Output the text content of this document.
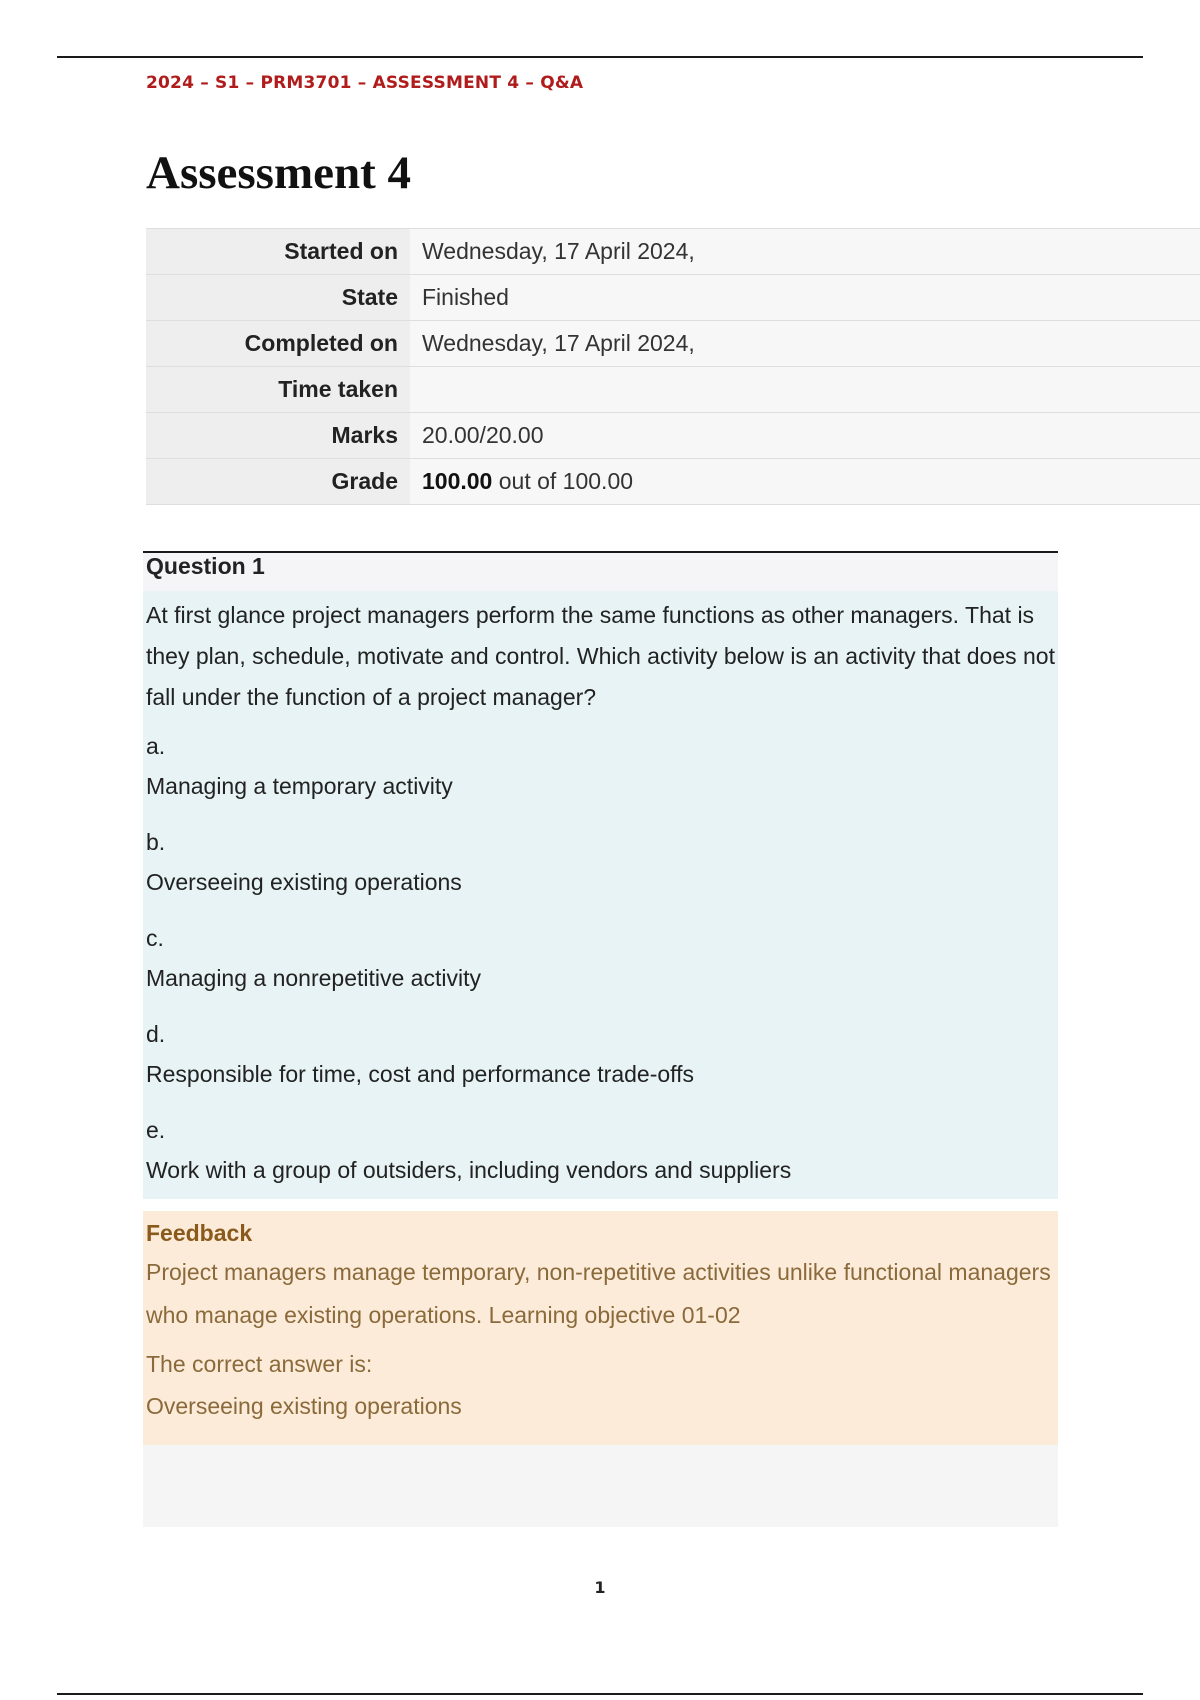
2024 – S1 – PRM3701 – ASSESSMENT 4 – Q&A
Assessment 4
Started on	Wednesday, 17 April 2024,
State	Finished
Completed on	Wednesday, 17 April 2024,
Time taken	
Marks	20.00/20.00
Grade	100.00 out of 100.00
Question 1

At first glance project managers perform the same functions as other managers. That is they plan, schedule, motivate and control. Which activity below is an activity that does not fall under the function of a project manager?

a.
Managing a temporary activity
b.
Overseeing existing operations
c.
Managing a nonrepetitive activity
d.
Responsible for time, cost and performance trade-offs
e.
Work with a group of outsiders, including vendors and suppliers
Feedback

Project managers manage temporary, non-repetitive activities unlike functional managers who manage existing operations. Learning objective 01-02

The correct answer is:
Overseeing existing operations
1
